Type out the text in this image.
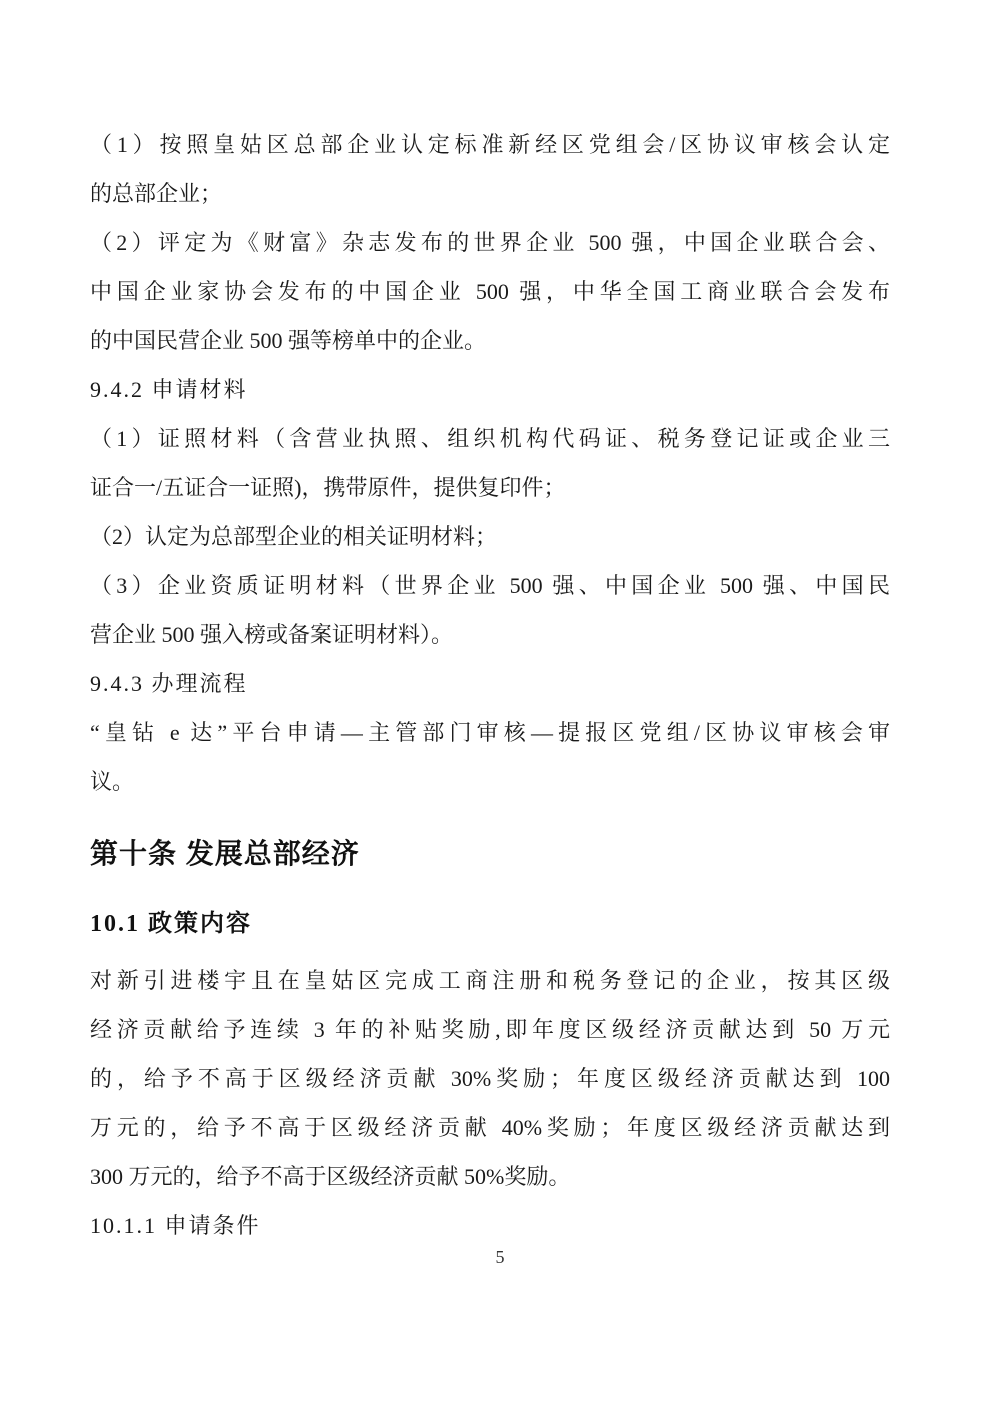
（1）按照皇姑区总部企业认定标准新经区党组会/区协议审核会认定

的总部企业；

（2）评定为《财富》杂志发布的世界企业 500 强，中国企业联合会、

中国企业家协会发布的中国企业 500 强，中华全国工商业联合会发布

的中国民营企业 500 强等榜单中的企业。

9.4.2 申请材料

（1）证照材料（含营业执照、组织机构代码证、税务登记证或企业三

证合一/五证合一证照)，携带原件，提供复印件；

（2）认定为总部型企业的相关证明材料；

（3）企业资质证明材料（世界企业 500 强、中国企业 500 强、中国民

营企业 500 强入榜或备案证明材料）。

9.4.3 办理流程

“皇钻 e 达”平台申请—主管部门审核—提报区党组/区协议审核会审

议。

第十条 发展总部经济
10.1 政策内容

对新引进楼宇且在皇姑区完成工商注册和税务登记的企业，按其区级

经济贡献给予连续 3 年的补贴奖励,即年度区级经济贡献达到 50 万元

的，给予不高于区级经济贡献 30%奖励；年度区级经济贡献达到 100

万元的，给予不高于区级经济贡献 40%奖励；年度区级经济贡献达到

300 万元的，给予不高于区级经济贡献 50%奖励。

10.1.1 申请条件

5
